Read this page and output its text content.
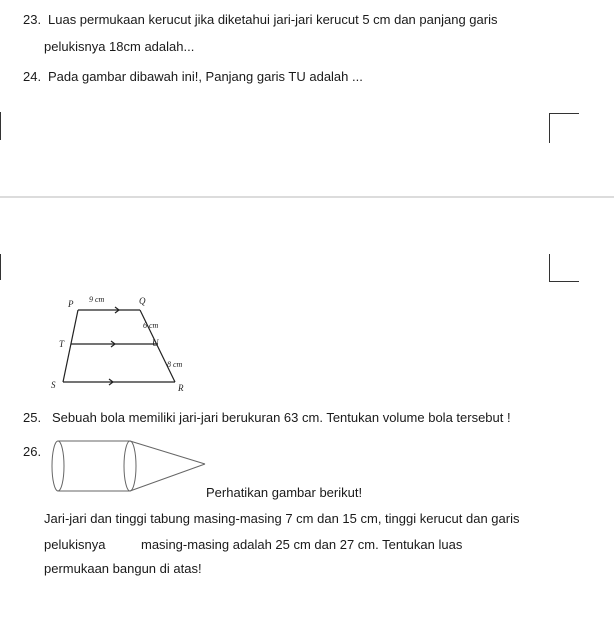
23. Luas permukaan kerucut jika diketahui jari-jari kerucut 5 cm dan panjang garis
pelukisnya 18cm adalah...
24. Pada gambar dibawah ini!, Panjang garis TU adalah ...
P	Q
T	U
S	R
9 cm
6 cm
8 cm
25. Sebuah bola memiliki jari-jari berukuran 63 cm. Tentukan volume bola tersebut !
26.
Perhatikan gambar berikut!
Jari-jari dan tinggi tabung masing-masing 7 cm dan 15 cm, tinggi kerucut dan garis
pelukisnya	masing-masing adalah 25 cm dan 27 cm. Tentukan luas
permukaan bangun di atas!
